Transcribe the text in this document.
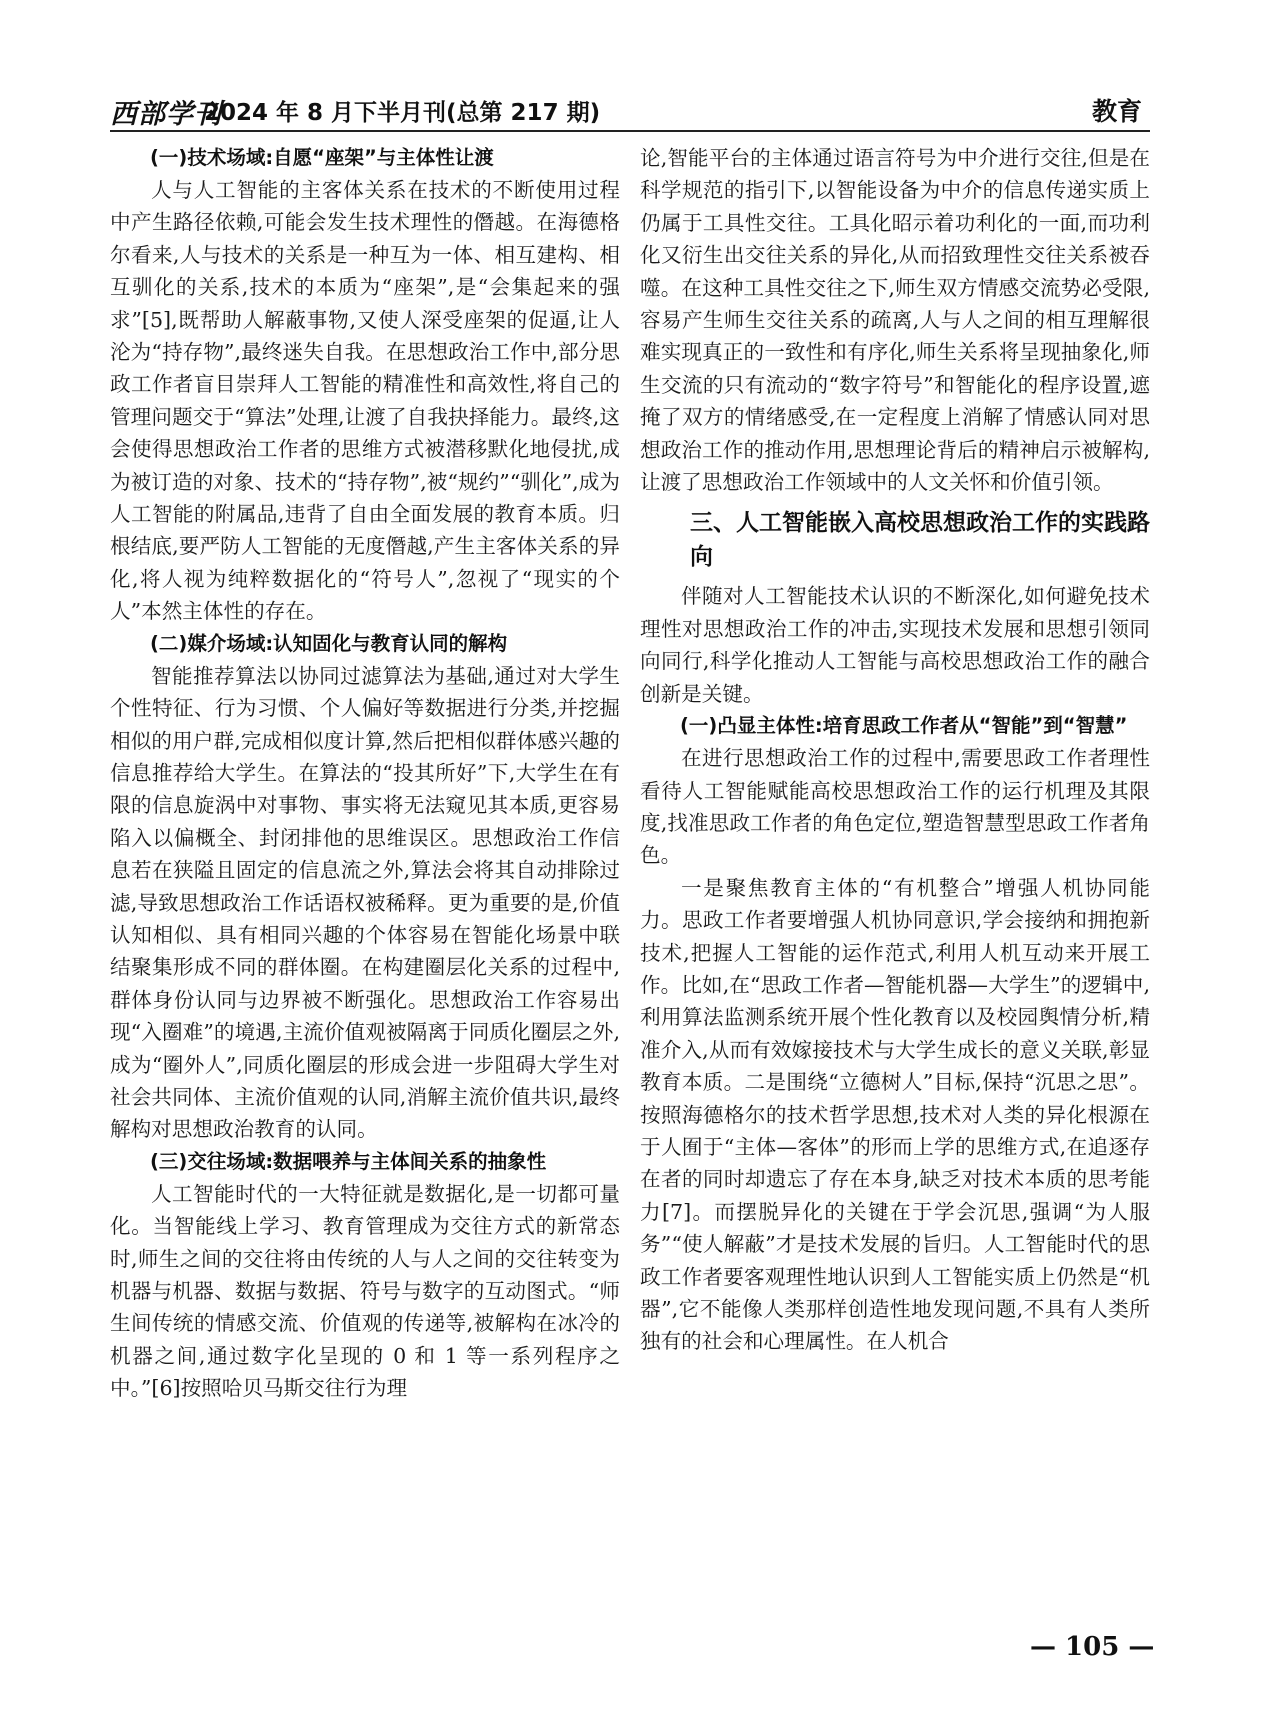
西部学刊
2024 年 8 月下半月刊(总第 217 期)	教育
(一)技术场域:自愿“座架”与主体性让渡

人与人工智能的主客体关系在技术的不断使用过程中产生路径依赖,可能会发生技术理性的僭越。在海德格尔看来,人与技术的关系是一种互为一体、相互建构、相互驯化的关系,技术的本质为“座架”,是“会集起来的强求”[5],既帮助人解蔽事物,又使人深受座架的促逼,让人沦为“持存物”,最终迷失自我。在思想政治工作中,部分思政工作者盲目崇拜人工智能的精准性和高效性,将自己的管理问题交于“算法”处理,让渡了自我抉择能力。最终,这会使得思想政治工作者的思维方式被潜移默化地侵扰,成为被订造的对象、技术的“持存物”,被“规约”“驯化”,成为人工智能的附属品,违背了自由全面发展的教育本质。归根结底,要严防人工智能的无度僭越,产生主客体关系的异化,将人视为纯粹数据化的“符号人”,忽视了“现实的个人”本然主体性的存在。

(二)媒介场域:认知固化与教育认同的解构

智能推荐算法以协同过滤算法为基础,通过对大学生个性特征、行为习惯、个人偏好等数据进行分类,并挖掘相似的用户群,完成相似度计算,然后把相似群体感兴趣的信息推荐给大学生。在算法的“投其所好”下,大学生在有限的信息旋涡中对事物、事实将无法窥见其本质,更容易陷入以偏概全、封闭排他的思维误区。思想政治工作信息若在狭隘且固定的信息流之外,算法会将其自动排除过滤,导致思想政治工作话语权被稀释。更为重要的是,价值认知相似、具有相同兴趣的个体容易在智能化场景中联结聚集形成不同的群体圈。在构建圈层化关系的过程中,群体身份认同与边界被不断强化。思想政治工作容易出现“入圈难”的境遇,主流价值观被隔离于同质化圈层之外,成为“圈外人”,同质化圈层的形成会进一步阻碍大学生对社会共同体、主流价值观的认同,消解主流价值共识,最终解构对思想政治教育的认同。

(三)交往场域:数据喂养与主体间关系的抽象性

人工智能时代的一大特征就是数据化,是一切都可量化。当智能线上学习、教育管理成为交往方式的新常态时,师生之间的交往将由传统的人与人之间的交往转变为机器与机器、数据与数据、符号与数字的互动图式。“师生间传统的情感交流、价值观的传递等,被解构在冰冷的机器之间,通过数字化呈现的 0 和 1 等一系列程序之中。”[6]按照哈贝马斯交往行为理

论,智能平台的主体通过语言符号为中介进行交往,但是在科学规范的指引下,以智能设备为中介的信息传递实质上仍属于工具性交往。工具化昭示着功利化的一面,而功利化又衍生出交往关系的异化,从而招致理性交往关系被吞噬。在这种工具性交往之下,师生双方情感交流势必受限,容易产生师生交往关系的疏离,人与人之间的相互理解很难实现真正的一致性和有序化,师生关系将呈现抽象化,师生交流的只有流动的“数字符号”和智能化的程序设置,遮掩了双方的情绪感受,在一定程度上消解了情感认同对思想政治工作的推动作用,思想理论背后的精神启示被解构,让渡了思想政治工作领域中的人文关怀和价值引领。

三、人工智能嵌入高校思想政治工作的实践路向

伴随对人工智能技术认识的不断深化,如何避免技术理性对思想政治工作的冲击,实现技术发展和思想引领同向同行,科学化推动人工智能与高校思想政治工作的融合创新是关键。

(一)凸显主体性:培育思政工作者从“智能”到“智慧”

在进行思想政治工作的过程中,需要思政工作者理性看待人工智能赋能高校思想政治工作的运行机理及其限度,找准思政工作者的角色定位,塑造智慧型思政工作者角色。

一是聚焦教育主体的“有机整合”增强人机协同能力。思政工作者要增强人机协同意识,学会接纳和拥抱新技术,把握人工智能的运作范式,利用人机互动来开展工作。比如,在“思政工作者—智能机器—大学生”的逻辑中,利用算法监测系统开展个性化教育以及校园舆情分析,精准介入,从而有效嫁接技术与大学生成长的意义关联,彰显教育本质。二是围绕“立德树人”目标,保持“沉思之思”。按照海德格尔的技术哲学思想,技术对人类的异化根源在于人囿于“主体—客体”的形而上学的思维方式,在追逐存在者的同时却遗忘了存在本身,缺乏对技术本质的思考能力[7]。而摆脱异化的关键在于学会沉思,强调“为人服务”“使人解蔽”才是技术发展的旨归。人工智能时代的思政工作者要客观理性地认识到人工智能实质上仍然是“机器”,它不能像人类那样创造性地发现问题,不具有人类所独有的社会和心理属性。在人机合

— 105 —
